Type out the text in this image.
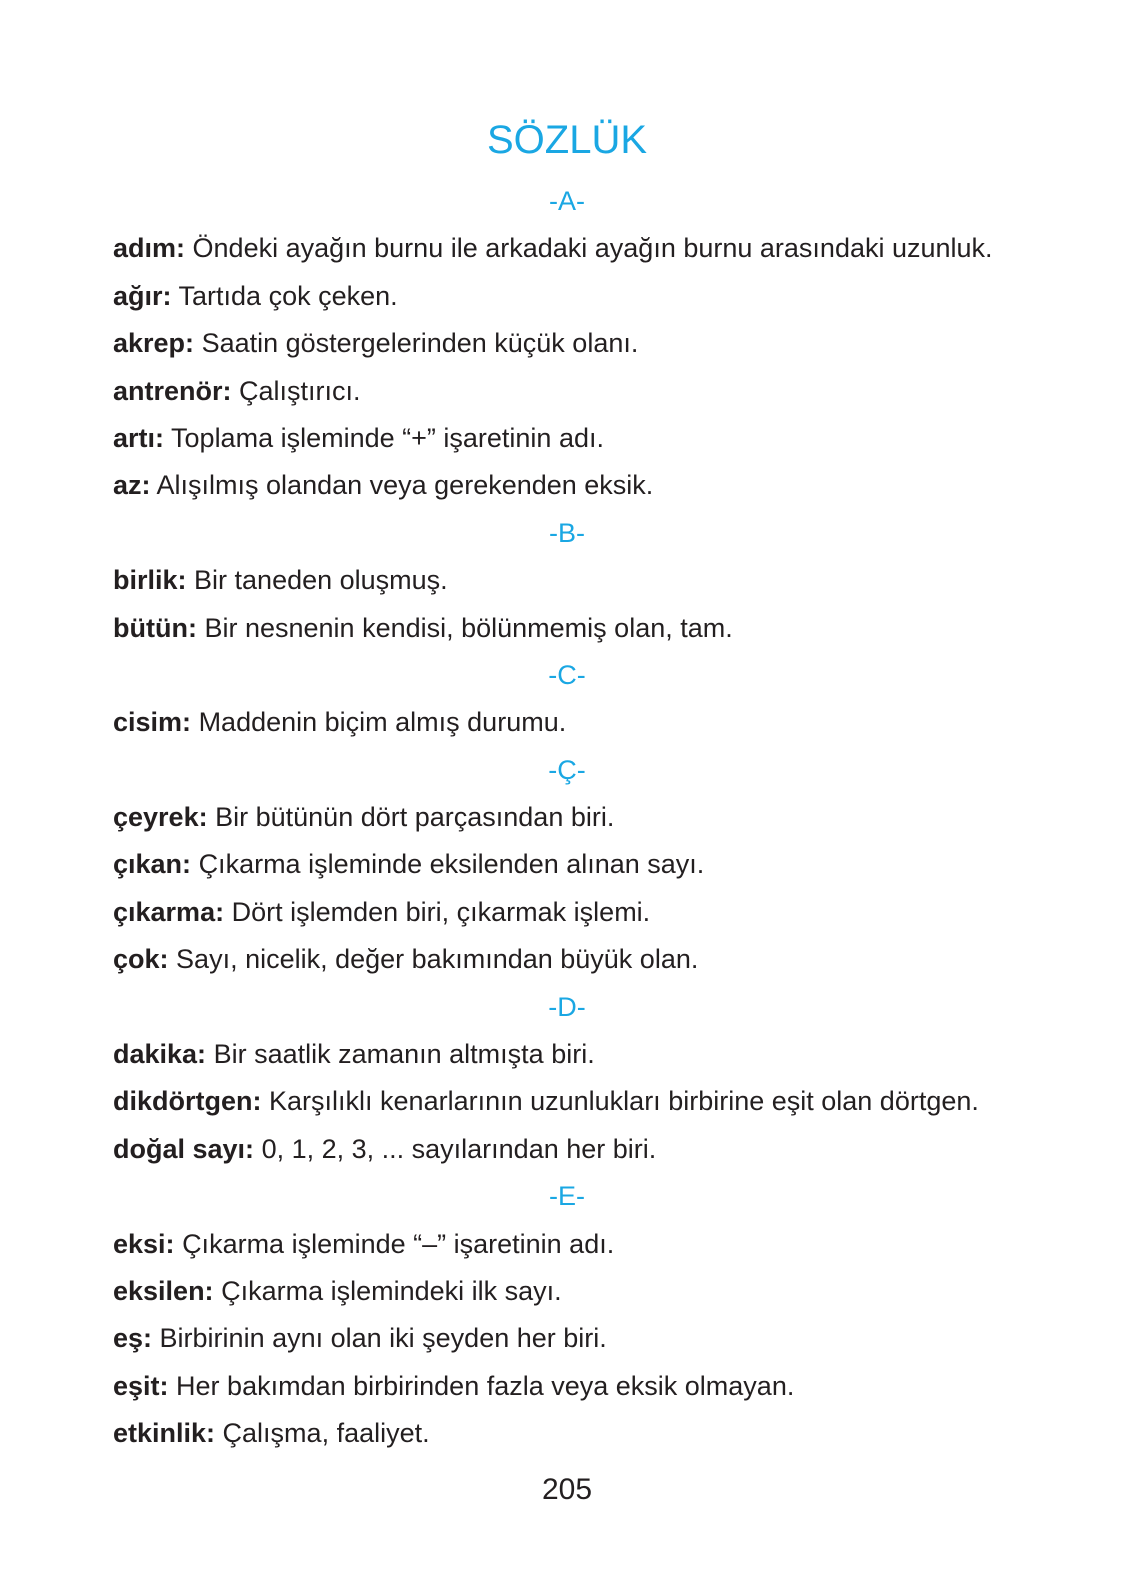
SÖZLÜK
-A-
adım: Öndeki ayağın burnu ile arkadaki ayağın burnu arasındaki uzunluk.
ağır: Tartıda çok çeken.
akrep: Saatin göstergelerinden küçük olanı.
antrenör: Çalıştırıcı.
artı: Toplama işleminde “+” işaretinin adı.
az: Alışılmış olandan veya gerekenden eksik.
-B-
birlik: Bir taneden oluşmuş.
bütün: Bir nesnenin kendisi, bölünmemiş olan, tam.
-C-
cisim: Maddenin biçim almış durumu.
-Ç-
çeyrek: Bir bütünün dört parçasından biri.
çıkan: Çıkarma işleminde eksilenden alınan sayı.
çıkarma: Dört işlemden biri, çıkarmak işlemi.
çok: Sayı, nicelik, değer bakımından büyük olan.
-D-
dakika: Bir saatlik zamanın altmışta biri.
dikdörtgen: Karşılıklı kenarlarının uzunlukları birbirine eşit olan dörtgen.
doğal sayı: 0, 1, 2, 3, ... sayılarından her biri.
-E-
eksi: Çıkarma işleminde “–” işaretinin adı.
eksilen: Çıkarma işlemindeki ilk sayı.
eş: Birbirinin aynı olan iki şeyden her biri.
eşit: Her bakımdan birbirinden fazla veya eksik olmayan.
etkinlik: Çalışma, faaliyet.
205
